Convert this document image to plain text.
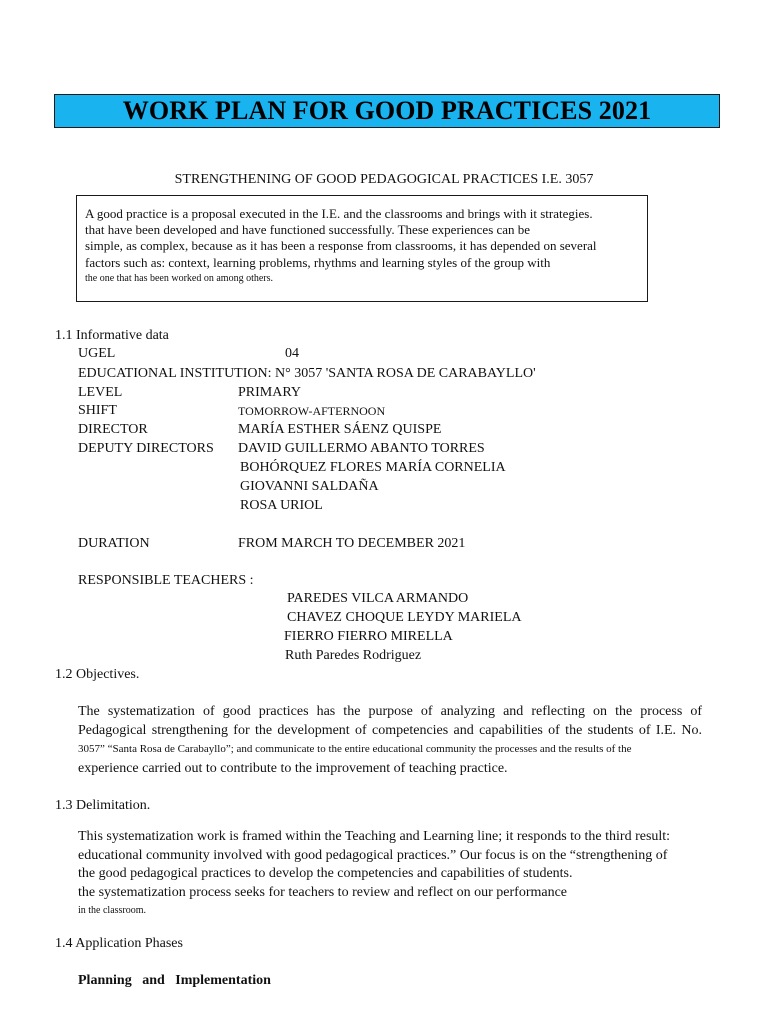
WORK PLAN FOR GOOD PRACTICES 2021
STRENGTHENING OF GOOD PEDAGOGICAL PRACTICES I.E. 3057
A good practice is a proposal executed in the I.E. and the classrooms and brings with it strategies.
that have been developed and have functioned successfully. These experiences can be
simple, as complex, because as it has been a response from classrooms, it has depended on several
factors such as: context, learning problems, rhythms and learning styles of the group with
the one that has been worked on among others.
1.1 Informative data
UGEL	04
EDUCATIONAL INSTITUTION: N° 3057 'SANTA ROSA DE CARABAYLLO'
LEVEL	PRIMARY
SHIFT	TOMORROW-AFTERNOON
DIRECTOR	MARÍA ESTHER SÁENZ QUISPE
DEPUTY DIRECTORS DAVID GUILLERMO ABANTO TORRES
BOHÓRQUEZ FLORES MARÍA CORNELIA
GIOVANNI SALDAÑA
ROSA URIOL
DURATION	FROM MARCH TO DECEMBER 2021
RESPONSIBLE TEACHERS :
PAREDES VILCA ARMANDO
CHAVEZ CHOQUE LEYDY MARIELA
FIERRO FIERRO MIRELLA
Ruth Paredes Rodriguez
1.2 Objectives.
The systematization of good practices has the purpose of analyzing and reflecting on the process of
Pedagogical strengthening for the development of competencies and capabilities of the students of I.E. No.
3057” “Santa Rosa de Carabayllo”; and communicate to the entire educational community the processes and the results of the
experience carried out to contribute to the improvement of teaching practice.
1.3 Delimitation.
This systematization work is framed within the Teaching and Learning line; it responds to the third result:
educational community involved with good pedagogical practices.” Our focus is on the “strengthening of
the good pedagogical practices to develop the competencies and capabilities of students.
the systematization process seeks for teachers to review and reflect on our performance
in the classroom.
1.4 Application Phases
Planning   and   Implementation
